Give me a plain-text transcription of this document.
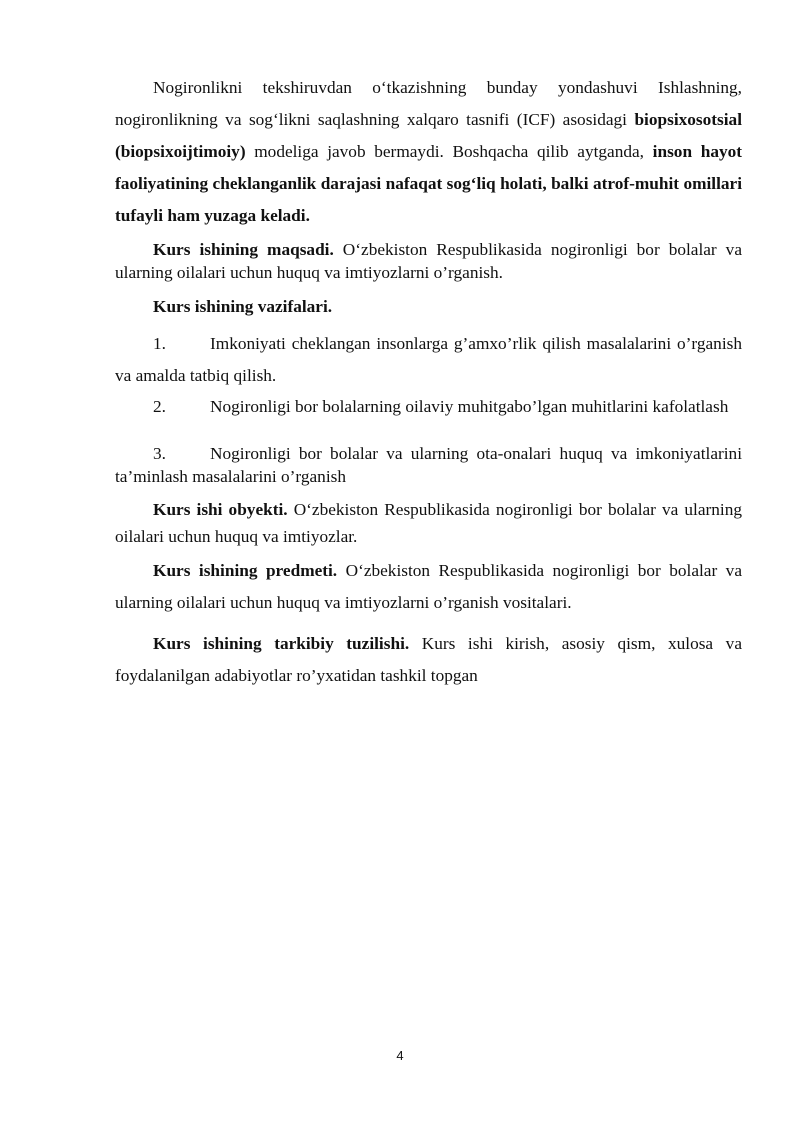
Nogironlikni tekshiruvdan o‘tkazishning bunday yondashuvi Ishlashning, nogironlikning va sog‘likni saqlashning xalqaro tasnifi (ICF) asosidagi biopsixosotsial (biopsixoijtimoiy) modeliga javob bermaydi. Boshqacha qilib aytganda, inson hayot faoliyatining cheklanganlik darajasi nafaqat sog‘liq holati, balki atrof-muhit omillari tufayli ham yuzaga keladi.

Kurs ishining maqsadi. O‘zbekiston Respublikasida nogironligi bor bolalar va ularning oilalari uchun huquq va imtiyozlarni o’rganish.

Kurs ishining vazifalari.

1.	Imkoniyati cheklangan insonlarga g’amxo’rlik qilish masalalarini o’rganish va amalda tatbiq qilish.

2.	Nogironligi bor bolalarning oilaviy muhitgabo’lgan muhitlarini kafolatlash

3.	Nogironligi bor bolalar va ularning ota-onalari huquq va imkoniyatlarini ta’minlash masalalarini o’rganish

Kurs ishi obyekti. O‘zbekiston Respublikasida nogironligi bor bolalar va ularning oilalari uchun huquq va imtiyozlar.

Kurs ishining predmeti. O‘zbekiston Respublikasida nogironligi bor bolalar va ularning oilalari uchun huquq va imtiyozlarni o’rganish vositalari.

Kurs ishining tarkibiy tuzilishi. Kurs ishi kirish, asosiy qism, xulosa va foydalanilgan adabiyotlar ro’yxatidan tashkil topgan

4
